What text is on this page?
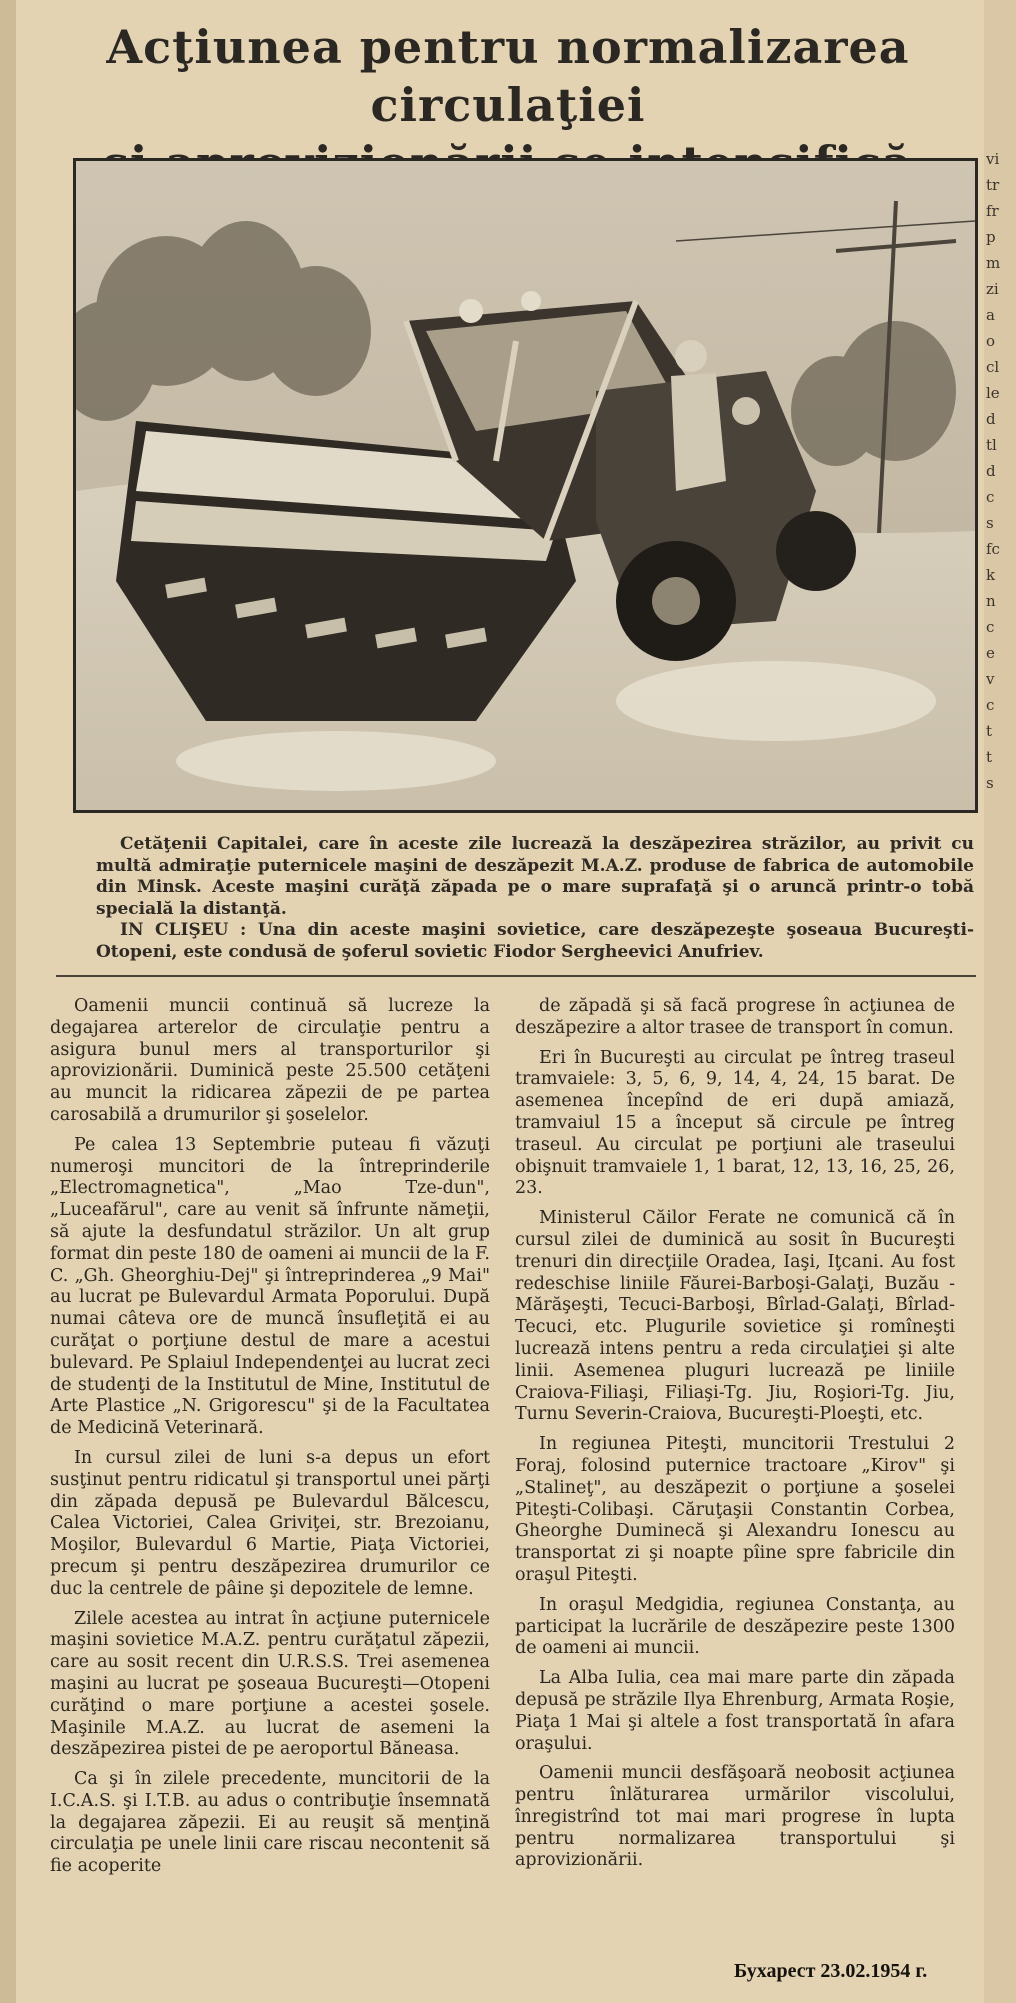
Acţiunea pentru normalizarea circulaţiei

Cetăţenii Capitalei, care în aceste zile lucrează la deszăpezirea străzilor, au privit cu multă admiraţie puternicele maşini de deszăpezit M.A.Z. produse de fabrica de automobile din Minsk. Aceste maşini curăţă zăpada pe o mare suprafaţă şi o aruncă printr-o tobă specială la distanţă.

IN CLIŞEU : Una din aceste maşini sovietice, care deszăpezeşte şoseaua Bucureşti-Otopeni, este condusă de şoferul sovietic Fiodor Sergheevici Anufriev.

Oamenii muncii continuă să lucreze la degajarea arterelor de circulaţie pentru a asigura bunul mers al transporturilor şi aprovizionării. Duminică peste 25.500 cetăţeni au muncit la ridicarea zăpezii de pe partea carosabilă a drumurilor şi şoselelor.

Pe calea 13 Septembrie puteau fi văzuţi numeroşi muncitori de la întreprinderile „Electromagnetica", „Mao Tze-dun", „Luceafărul", care au venit să înfrunte nămeţii, să ajute la desfundatul străzilor. Un alt grup format din peste 180 de oameni ai muncii de la F. C. „Gh. Gheorghiu-Dej" şi întreprinderea „9 Mai" au lucrat pe Bulevardul Armata Poporului. După numai câteva ore de muncă însufleţită ei au curăţat o porţiune destul de mare a acestui bulevard. Pe Splaiul Independenţei au lucrat zeci de studenţi de la Institutul de Mine, Institutul de Arte Plastice „N. Grigorescu" şi de la Facultatea de Medicină Veterinară.

In cursul zilei de luni s-a depus un efort susţinut pentru ridicatul şi transportul unei părţi din zăpada depusă pe Bulevardul Bălcescu, Calea Victoriei, Calea Griviţei, str. Brezoianu, Moşilor, Bulevardul 6 Martie, Piaţa Victoriei, precum şi pentru deszăpezirea drumurilor ce duc la centrele de pâine şi depozitele de lemne.

Zilele acestea au intrat în acţiune puternicele maşini sovietice M.A.Z. pentru curăţatul zăpezii, care au sosit recent din U.R.S.S. Trei asemenea maşini au lucrat pe şoseaua Bucureşti—Otopeni curăţind o mare porţiune a acestei şosele. Maşinile M.A.Z. au lucrat de asemeni la deszăpezirea pistei de pe aeroportul Băneasa.

Ca şi în zilele precedente, muncitorii de la I.C.A.S. şi I.T.B. au adus o contribuţie însemnată la degajarea zăpezii. Ei au reuşit să menţină circulaţia pe unele linii care riscau necontenit să fie acoperite

de zăpadă şi să facă progrese în acţiunea de deszăpezire a altor trasee de transport în comun.

Eri în Bucureşti au circulat pe întreg traseul tramvaiele: 3, 5, 6, 9, 14, 4, 24, 15 barat. De asemenea începînd de eri după amiază, tramvaiul 15 a început să circule pe întreg traseul. Au circulat pe porţiuni ale traseului obişnuit tramvaiele 1, 1 barat, 12, 13, 16, 25, 26, 23.

Ministerul Căilor Ferate ne comunică că în cursul zilei de duminică au sosit în Bucureşti trenuri din direcţiile Oradea, Iaşi, Iţcani. Au fost redeschise liniile Făurei-Barboşi-Galaţi, Buzău - Mărăşeşti, Tecuci-Barboşi, Bîrlad-Galaţi, Bîrlad-Tecuci, etc. Plugurile sovietice şi romîneşti lucrează intens pentru a reda circulaţiei şi alte linii. Asemenea pluguri lucrează pe liniile Craiova-Filiaşi, Filiaşi-Tg. Jiu, Roşiori-Tg. Jiu, Turnu Severin-Craiova, Bucureşti-Ploeşti, etc.

In regiunea Piteşti, muncitorii Trestului 2 Foraj, folosind puternice tractoare „Kirov" şi „Stalineţ", au deszăpezit o porţiune a şoselei Piteşti-Colibaşi. Căruţaşii Constantin Corbea, Gheorghe Duminecă şi Alexandru Ionescu au transportat zi şi noapte pîine spre fabricile din oraşul Piteşti.

In oraşul Medgidia, regiunea Constanţa, au participat la lucrările de deszăpezire peste 1300 de oameni ai muncii.

La Alba Iulia, cea mai mare parte din zăpada depusă pe străzile Ilya Ehrenburg, Armata Roşie, Piaţa 1 Mai şi altele a fost transportată în afara oraşului.

Oamenii muncii desfăşoară neobosit acţiunea pentru înlăturarea urmărilor viscolului, înregistrînd tot mai mari progrese în lupta pentru normalizarea transportului şi aprovizionării.

Бухарест 23.02.1954 г.
vi
tr
fr
p
m
zi
a
o
cl
le
d
tl
d
c
s
fc
k
n
c
e
v
c
t
t
s
